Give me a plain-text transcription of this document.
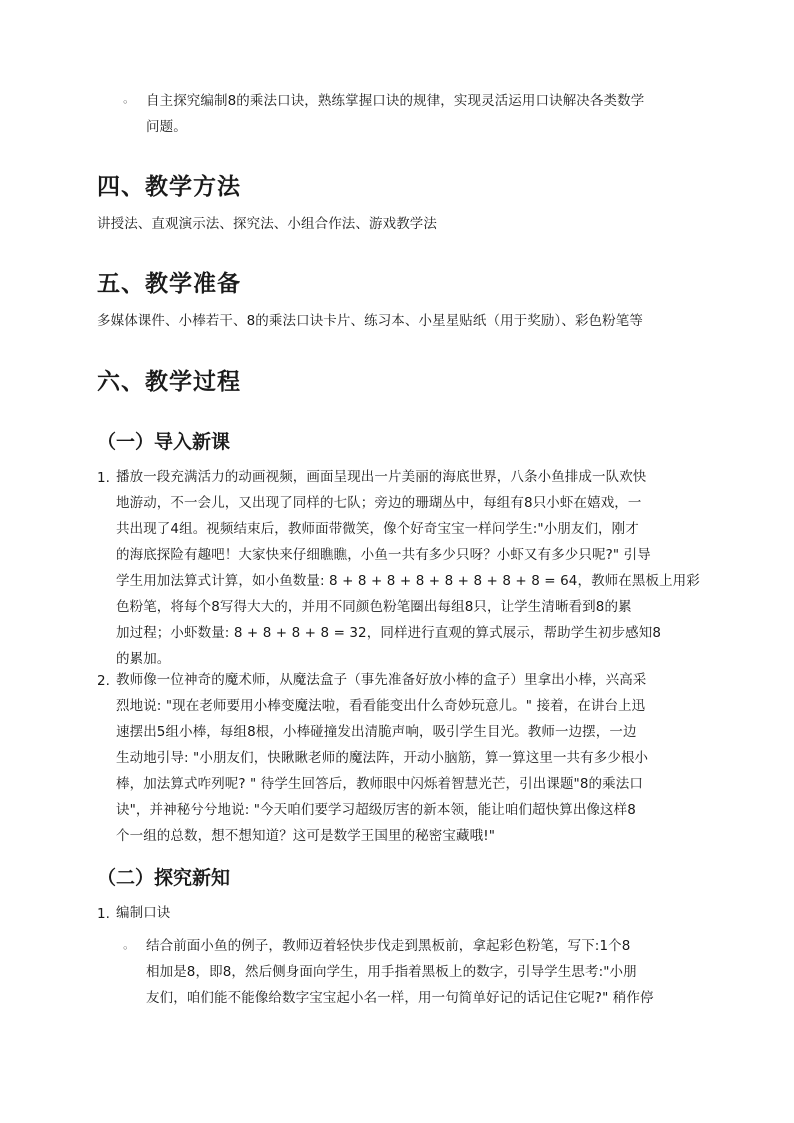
◦ 自主探究编制8的乘法口诀，熟练掌握口诀的规律，实现灵活运用口诀解决各类数学
问题。
四、教学方法
讲授法、直观演示法、探究法、小组合作法、游戏教学法
五、教学准备
多媒体课件、小棒若干、8的乘法口诀卡片、练习本、小星星贴纸（用于奖励）、彩色粉笔等
六、教学过程
（一）导入新课
1. 播放一段充满活力的动画视频，画面呈现出一片美丽的海底世界，八条小鱼排成一队欢快
地游动，不一会儿，又出现了同样的七队；旁边的珊瑚丛中，每组有8只小虾在嬉戏，一
共出现了4组。视频结束后，教师面带微笑，像个好奇宝宝一样问学生:"小朋友们，刚才
的海底探险有趣吧！大家快来仔细瞧瞧，小鱼一共有多少只呀？小虾又有多少只呢?" 引导
学生用加法算式计算，如小鱼数量: 8 + 8 + 8 + 8 + 8 + 8 + 8 + 8 = 64，教师在黑板上用彩
色粉笔，将每个8写得大大的，并用不同颜色粉笔圈出每组8只，让学生清晰看到8的累
加过程；小虾数量: 8 + 8 + 8 + 8 = 32，同样进行直观的算式展示，帮助学生初步感知8
的累加。
2. 教师像一位神奇的魔术师，从魔法盒子（事先准备好放小棒的盒子）里拿出小棒，兴高采
烈地说: "现在老师要用小棒变魔法啦，看看能变出什么奇妙玩意儿。" 接着，在讲台上迅
速摆出5组小棒，每组8根，小棒碰撞发出清脆声响，吸引学生目光。教师一边摆，一边
生动地引导: "小朋友们，快瞅瞅老师的魔法阵，开动小脑筋，算一算这里一共有多少根小
棒，加法算式咋列呢? " 待学生回答后，教师眼中闪烁着智慧光芒，引出课题"8的乘法口
诀"，并神秘兮兮地说: "今天咱们要学习超级厉害的新本领，能让咱们超快算出像这样8
个一组的总数，想不想知道？这可是数学王国里的秘密宝藏哦!"
（二）探究新知
1. 编制口诀
◦ 结合前面小鱼的例子，教师迈着轻快步伐走到黑板前，拿起彩色粉笔，写下:1个8
相加是8，即8，然后侧身面向学生，用手指着黑板上的数字，引导学生思考:"小朋
友们，咱们能不能像给数字宝宝起小名一样，用一句简单好记的话记住它呢?" 稍作停
